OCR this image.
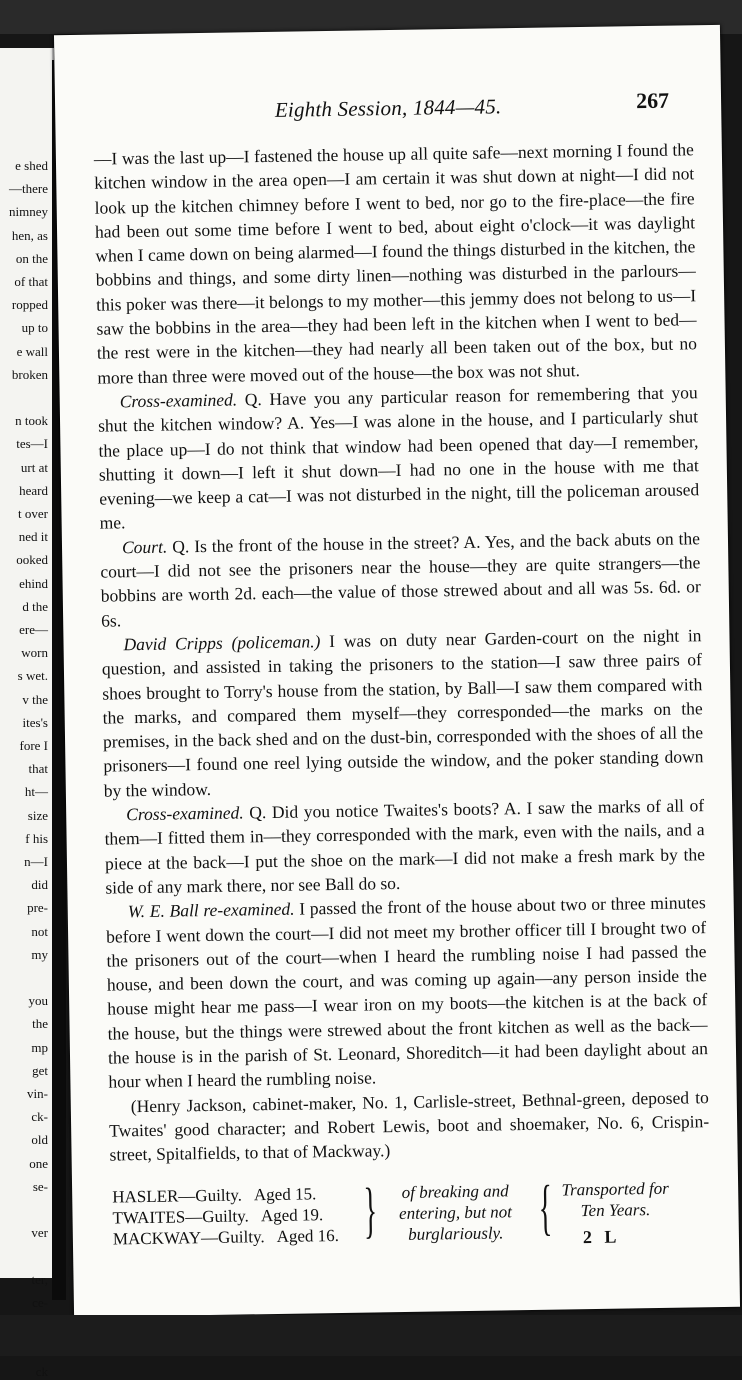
e shed
—there
nimney
hen, as
on the
of that
ropped
up to
e wall
broken
n took
tes—I
urt at
heard
t over
ned it
ooked
ehind
d the
ere—
worn
s wet.
v the
ites's
fore I
that
ht—
size
f his
n—I
did
pre-
not
my
you
the
mp
get
vin-
ck-
old
one
se-
ver
ter,
ce-
ck
Eighth Session, 1844—45.	267

—I was the last up—I fastened the house up all quite safe—next morning I found the kitchen window in the area open—I am certain it was shut down at night—I did not look up the kitchen chimney before I went to bed, nor go to the fire-place—the fire had been out some time before I went to bed, about eight o'clock—it was daylight when I came down on being alarmed—I found the things disturbed in the kitchen, the bobbins and things, and some dirty linen—nothing was disturbed in the parlours—this poker was there—it belongs to my mother—this jemmy does not belong to us—I saw the bobbins in the area—they had been left in the kitchen when I went to bed—the rest were in the kitchen—they had nearly all been taken out of the box, but no more than three were moved out of the house—the box was not shut.

Cross-examined. Q. Have you any particular reason for remembering that you shut the kitchen window? A. Yes—I was alone in the house, and I particularly shut the place up—I do not think that window had been opened that day—I remember, shutting it down—I left it shut down—I had no one in the house with me that evening—we keep a cat—I was not disturbed in the night, till the policeman aroused me.

Court. Q. Is the front of the house in the street? A. Yes, and the back abuts on the court—I did not see the prisoners near the house—they are quite strangers—the bobbins are worth 2d. each—the value of those strewed about and all was 5s. 6d. or 6s.

David Cripps (policeman.) I was on duty near Garden-court on the night in question, and assisted in taking the prisoners to the station—I saw three pairs of shoes brought to Torry's house from the station, by Ball—I saw them compared with the marks, and compared them myself—they corresponded—the marks on the premises, in the back shed and on the dust-bin, corresponded with the shoes of all the prisoners—I found one reel lying outside the window, and the poker standing down by the window.

Cross-examined. Q. Did you notice Twaites's boots? A. I saw the marks of all of them—I fitted them in—they corresponded with the mark, even with the nails, and a piece at the back—I put the shoe on the mark—I did not make a fresh mark by the side of any mark there, nor see Ball do so.

W. E. Ball re-examined. I passed the front of the house about two or three minutes before I went down the court—I did not meet my brother officer till I brought two of the prisoners out of the court—when I heard the rumbling noise I had passed the house, and been down the court, and was coming up again—any person inside the house might hear me pass—I wear iron on my boots—the kitchen is at the back of the house, but the things were strewed about the front kitchen as well as the back—the house is in the parish of St. Leonard, Shoreditch—it had been daylight about an hour when I heard the rumbling noise.

(Henry Jackson, cabinet-maker, No. 1, Carlisle-street, Bethnal-green, deposed to Twaites' good character; and Robert Lewis, boot and shoemaker, No. 6, Crispin-street, Spitalfields, to that of Mackway.)

HASLER—Guilty. Aged 15.
TWAITES—Guilty. Aged 19.
MACKWAY—Guilty. Aged 16. }	of breaking and
entering, but not
burglariously. { Transported for
Ten Years.
2 L
